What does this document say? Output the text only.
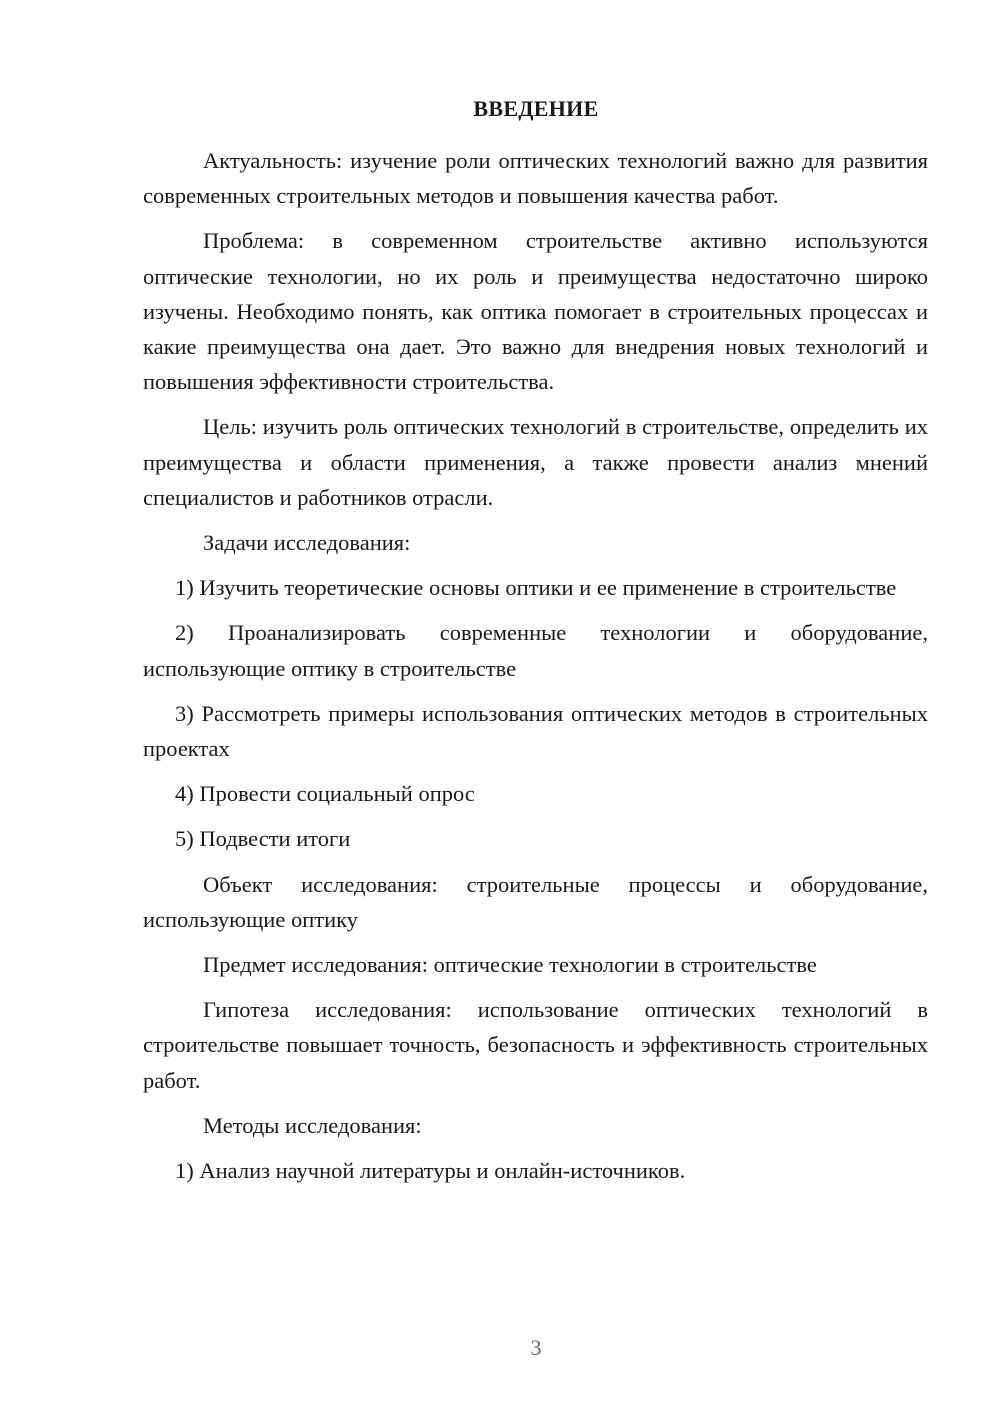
ВВЕДЕНИЕ

Актуальность: изучение роли оптических технологий важно для развития современных строительных методов и повышения качества работ.

Проблема: в современном строительстве активно используются оптические технологии, но их роль и преимущества недостаточно широко изучены. Необходимо понять, как оптика помогает в строительных процессах и какие преимущества она дает. Это важно для внедрения новых технологий и повышения эффективности строительства.

Цель: изучить роль оптических технологий в строительстве, определить их преимущества и области применения, а также провести анализ мнений специалистов и работников отрасли.

Задачи исследования:

1) Изучить теоретические основы оптики и ее применение в строительстве

2) Проанализировать современные технологии и оборудование, использующие оптику в строительстве

3) Рассмотреть примеры использования оптических методов в строительных проектах

4) Провести социальный опрос

5) Подвести итоги

Объект исследования: строительные процессы и оборудование, использующие оптику

Предмет исследования: оптические технологии в строительстве

Гипотеза исследования: использование оптических технологий в строительстве повышает точность, безопасность и эффективность строительных работ.

Методы исследования:

1) Анализ научной литературы и онлайн-источников.

3
